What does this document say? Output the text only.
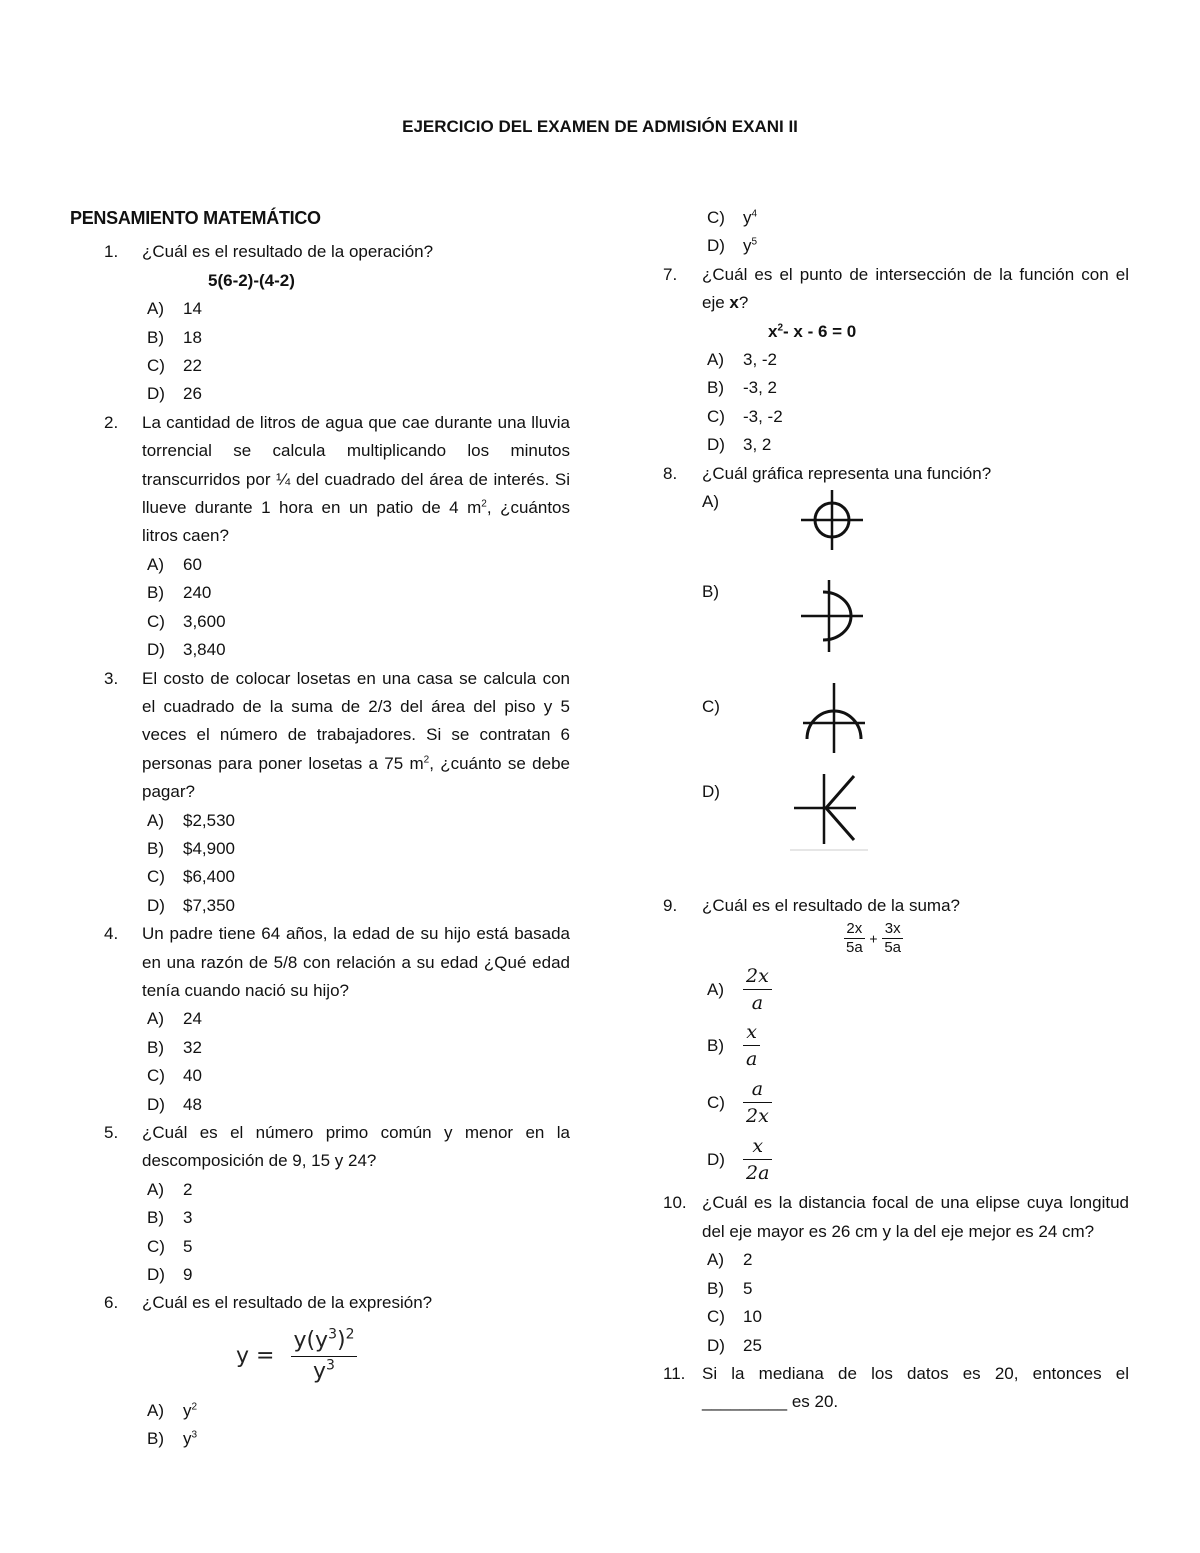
EJERCICIO DEL EXAMEN DE ADMISIÓN EXANI II
PENSAMIENTO MATEMÁTICO
1. ¿Cuál es el resultado de la operación?
5(6-2)-(4-2)
A) 14
B) 18
C) 22
D) 26
2. La cantidad de litros de agua que cae durante una lluvia torrencial se calcula multiplicando los minutos transcurridos por ¼ del cuadrado del área de interés. Si llueve durante 1 hora en un patio de 4 $m^2$, ¿cuántos litros caen?
A) 60
B) 240
C) 3,600
D) 3,840
3. El costo de colocar losetas en una casa se calcula con el cuadrado de la suma de 2/3 del área del piso y 5 veces el número de trabajadores. Si se contratan 6 personas para poner losetas a 75 $m^2$, ¿cuánto se debe pagar?
A) $2,530
B) $4,900
C) $6,400
D) $7,350
4. Un padre tiene 64 años, la edad de su hijo está basada en una razón de 5/8 con relación a su edad ¿Qué edad tenía cuando nació su hijo?
A) 24
B) 32
C) 40
D) 48
5. ¿Cuál es el número primo común y menor en la descomposición de 9, 15 y 24?
A) 2
B) 3
C) 5
D) 9
6. ¿Cuál es el resultado de la expresión?
$y = \frac{y(y^3)^2}{y^3}$
A) $y^2$
B) $y^3$
C) $y^4$
D) $y^5$
7. ¿Cuál es el punto de intersección de la función con el eje x?
$x^2-$ x - 6 = 0
A) 3, -2
B) -3, 2
C) -3, -2
D) 3, 2
8. ¿Cuál gráfica representa una función?
A)
B)
C)
D)
9. ¿Cuál es el resultado de la suma?
$\frac{2x}{5a} + \frac{3x}{5a}$
$A) \frac{2x}{a}$
$B) \frac{x}{a}$
$C) \frac{a}{2x}$
$D) \frac{x}{2a}$
10. ¿Cuál es la distancia focal de una elipse cuya longitud del eje mayor es 26 cm y la del eje mejor es 24 cm?
A) 2
B) 5
C) 10
D) 25
11. Si la mediana de los datos es 20, entonces el _________ es 20.
